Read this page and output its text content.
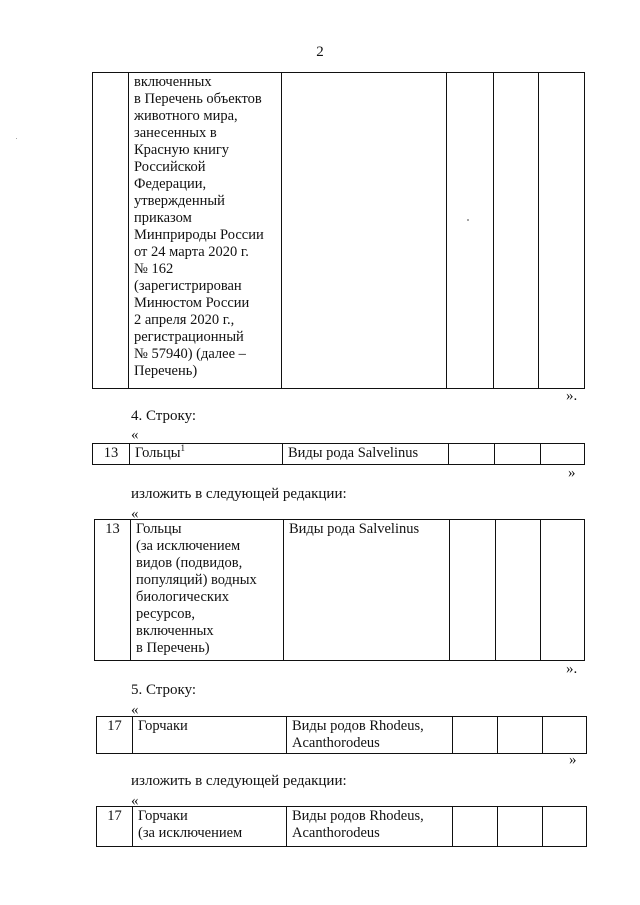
2
	включенных
в Перечень объектов
животного мира,
занесенных в
Красную книгу
Российской
Федерации,
утвержденный
приказом
Минприроды России
от 24 марта 2020 г.
№ 162
(зарегистрирован
Минюстом России
2 апреля 2020 г.,
регистрационный
№ 57940) (далее –
Перечень)				
».
4. Строку:
«
13	Гольцы$^1$	Виды рода Salvelinus			
»
изложить в следующей редакции:
«
13	Гольцы
(за исключением
видов (подвидов,
популяций) водных
биологических
ресурсов,
включенных
в Перечень)	Виды рода Salvelinus			
».
5. Строку:
«
17	Горчаки	Виды родов Rhodeus,
Acanthorodeus			
»
изложить в следующей редакции:
«
17	Горчаки
(за исключением	Виды родов Rhodeus,
Acanthorodeus			
